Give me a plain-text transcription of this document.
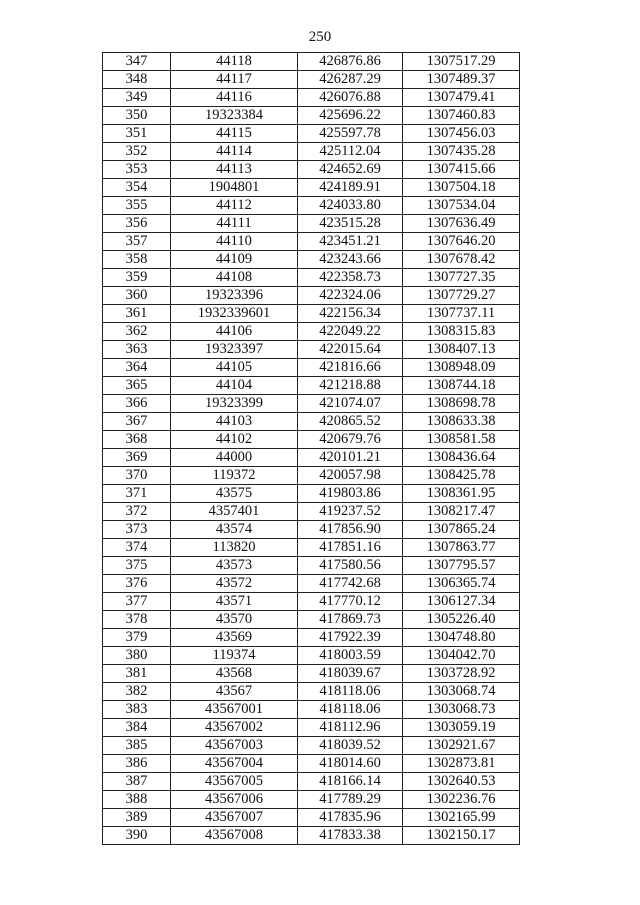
250
347	44118	426876.86	1307517.29
348	44117	426287.29	1307489.37
349	44116	426076.88	1307479.41
350	19323384	425696.22	1307460.83
351	44115	425597.78	1307456.03
352	44114	425112.04	1307435.28
353	44113	424652.69	1307415.66
354	1904801	424189.91	1307504.18
355	44112	424033.80	1307534.04
356	44111	423515.28	1307636.49
357	44110	423451.21	1307646.20
358	44109	423243.66	1307678.42
359	44108	422358.73	1307727.35
360	19323396	422324.06	1307729.27
361	1932339601	422156.34	1307737.11
362	44106	422049.22	1308315.83
363	19323397	422015.64	1308407.13
364	44105	421816.66	1308948.09
365	44104	421218.88	1308744.18
366	19323399	421074.07	1308698.78
367	44103	420865.52	1308633.38
368	44102	420679.76	1308581.58
369	44000	420101.21	1308436.64
370	119372	420057.98	1308425.78
371	43575	419803.86	1308361.95
372	4357401	419237.52	1308217.47
373	43574	417856.90	1307865.24
374	113820	417851.16	1307863.77
375	43573	417580.56	1307795.57
376	43572	417742.68	1306365.74
377	43571	417770.12	1306127.34
378	43570	417869.73	1305226.40
379	43569	417922.39	1304748.80
380	119374	418003.59	1304042.70
381	43568	418039.67	1303728.92
382	43567	418118.06	1303068.74
383	43567001	418118.06	1303068.73
384	43567002	418112.96	1303059.19
385	43567003	418039.52	1302921.67
386	43567004	418014.60	1302873.81
387	43567005	418166.14	1302640.53
388	43567006	417789.29	1302236.76
389	43567007	417835.96	1302165.99
390	43567008	417833.38	1302150.17
